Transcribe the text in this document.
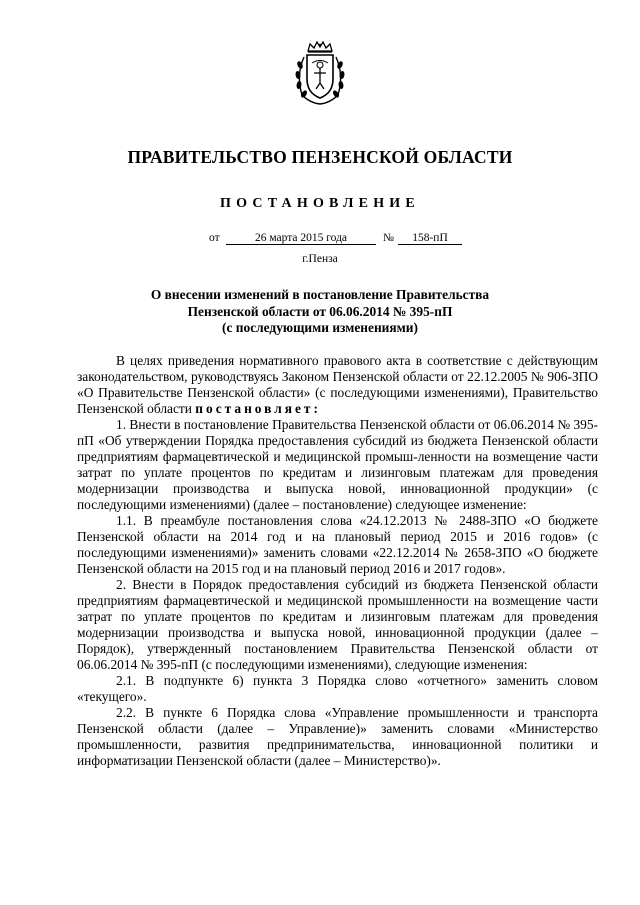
ПРАВИТЕЛЬСТВО ПЕНЗЕНСКОЙ ОБЛАСТИ
ПОСТАНОВЛЕНИЕ
от	26 марта 2015 года	№	158-пП
г.Пенза
О внесении изменений в постановление Правительства
Пензенской области от 06.06.2014 № 395-пП
(с последующими изменениями)

В целях приведения нормативного правового акта в соответствие с действующим законодательством, руководствуясь Законом Пензенской области от 22.12.2005 № 906-ЗПО «О Правительстве Пензенской области» (с последующими изменениями), Правительство Пензенской области постановляет:

1. Внести в постановление Правительства Пензенской области от 06.06.2014 № 395-пП «Об утверждении Порядка предоставления субсидий из бюджета Пензенской области предприятиям фармацевтической и медицинской промыш-ленности на возмещение части затрат по уплате процентов по кредитам и лизинговым платежам для проведения модернизации производства и выпуска новой, инновационной продукции» (с последующими изменениями) (далее – постановление) следующее изменение:

1.1. В преамбуле постановления слова «24.12.2013 № 2488-ЗПО «О бюджете Пензенской области на 2014 год и на плановый период 2015 и 2016 годов» (с последующими изменениями)» заменить словами «22.12.2014 № 2658-ЗПО «О бюджете Пензенской области на 2015 год и на плановый период 2016 и 2017 годов».

2. Внести в Порядок предоставления субсидий из бюджета Пензенской области предприятиям фармацевтической и медицинской промышленности на возмещение части затрат по уплате процентов по кредитам и лизинговым платежам для проведения модернизации производства и выпуска новой, инновационной продукции (далее – Порядок), утвержденный постановлением Правительства Пензенской области от 06.06.2014 № 395-пП (с последующими изменениями), следующие изменения:

2.1. В подпункте 6) пункта 3 Порядка слово «отчетного» заменить словом «текущего».

2.2. В пункте 6 Порядка слова «Управление промышленности и транспорта Пензенской области (далее – Управление)» заменить словами «Министерство промышленности, развития предпринимательства, инновационной политики и информатизации Пензенской области (далее – Министерство)».
